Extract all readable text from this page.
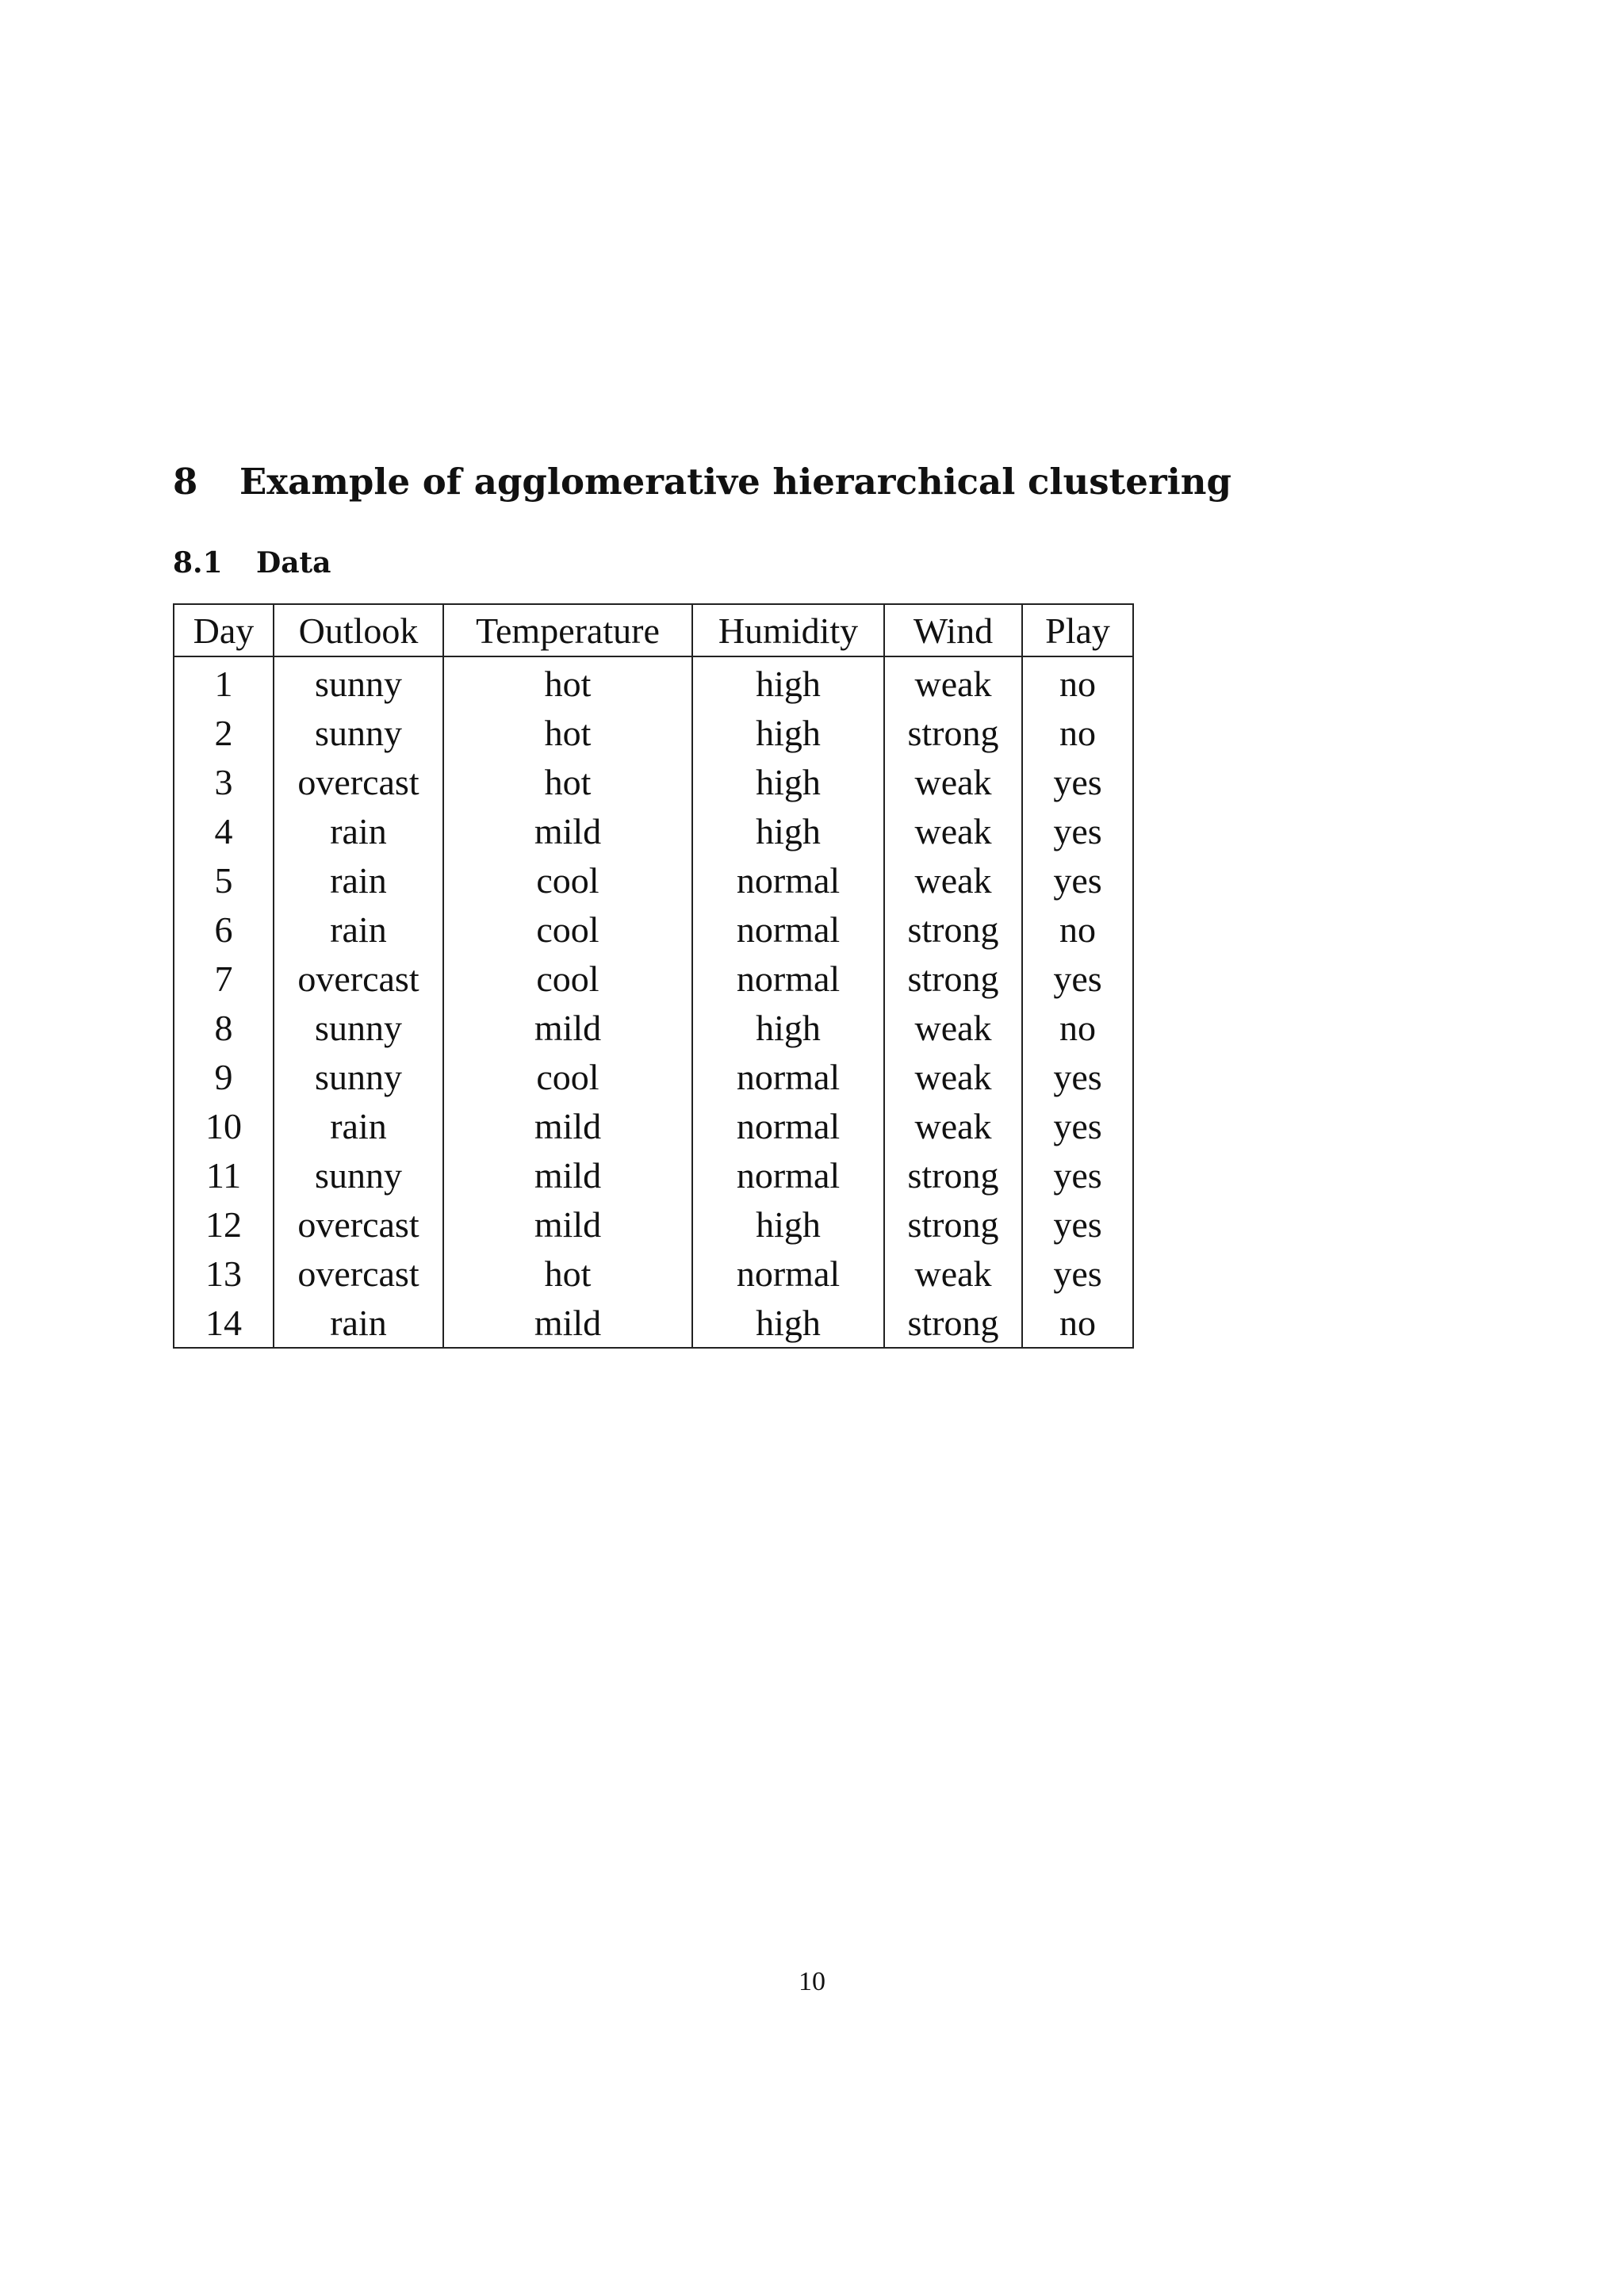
8 Example of agglomerative hierarchical clustering
8.1 Data
Day	Outlook	Temperature	Humidity	Wind	Play
1	sunny	hot	high	weak	no
2	sunny	hot	high	strong	no
3	overcast	hot	high	weak	yes
4	rain	mild	high	weak	yes
5	rain	cool	normal	weak	yes
6	rain	cool	normal	strong	no
7	overcast	cool	normal	strong	yes
8	sunny	mild	high	weak	no
9	sunny	cool	normal	weak	yes
10	rain	mild	normal	weak	yes
11	sunny	mild	normal	strong	yes
12	overcast	mild	high	strong	yes
13	overcast	hot	normal	weak	yes
14	rain	mild	high	strong	no
10
